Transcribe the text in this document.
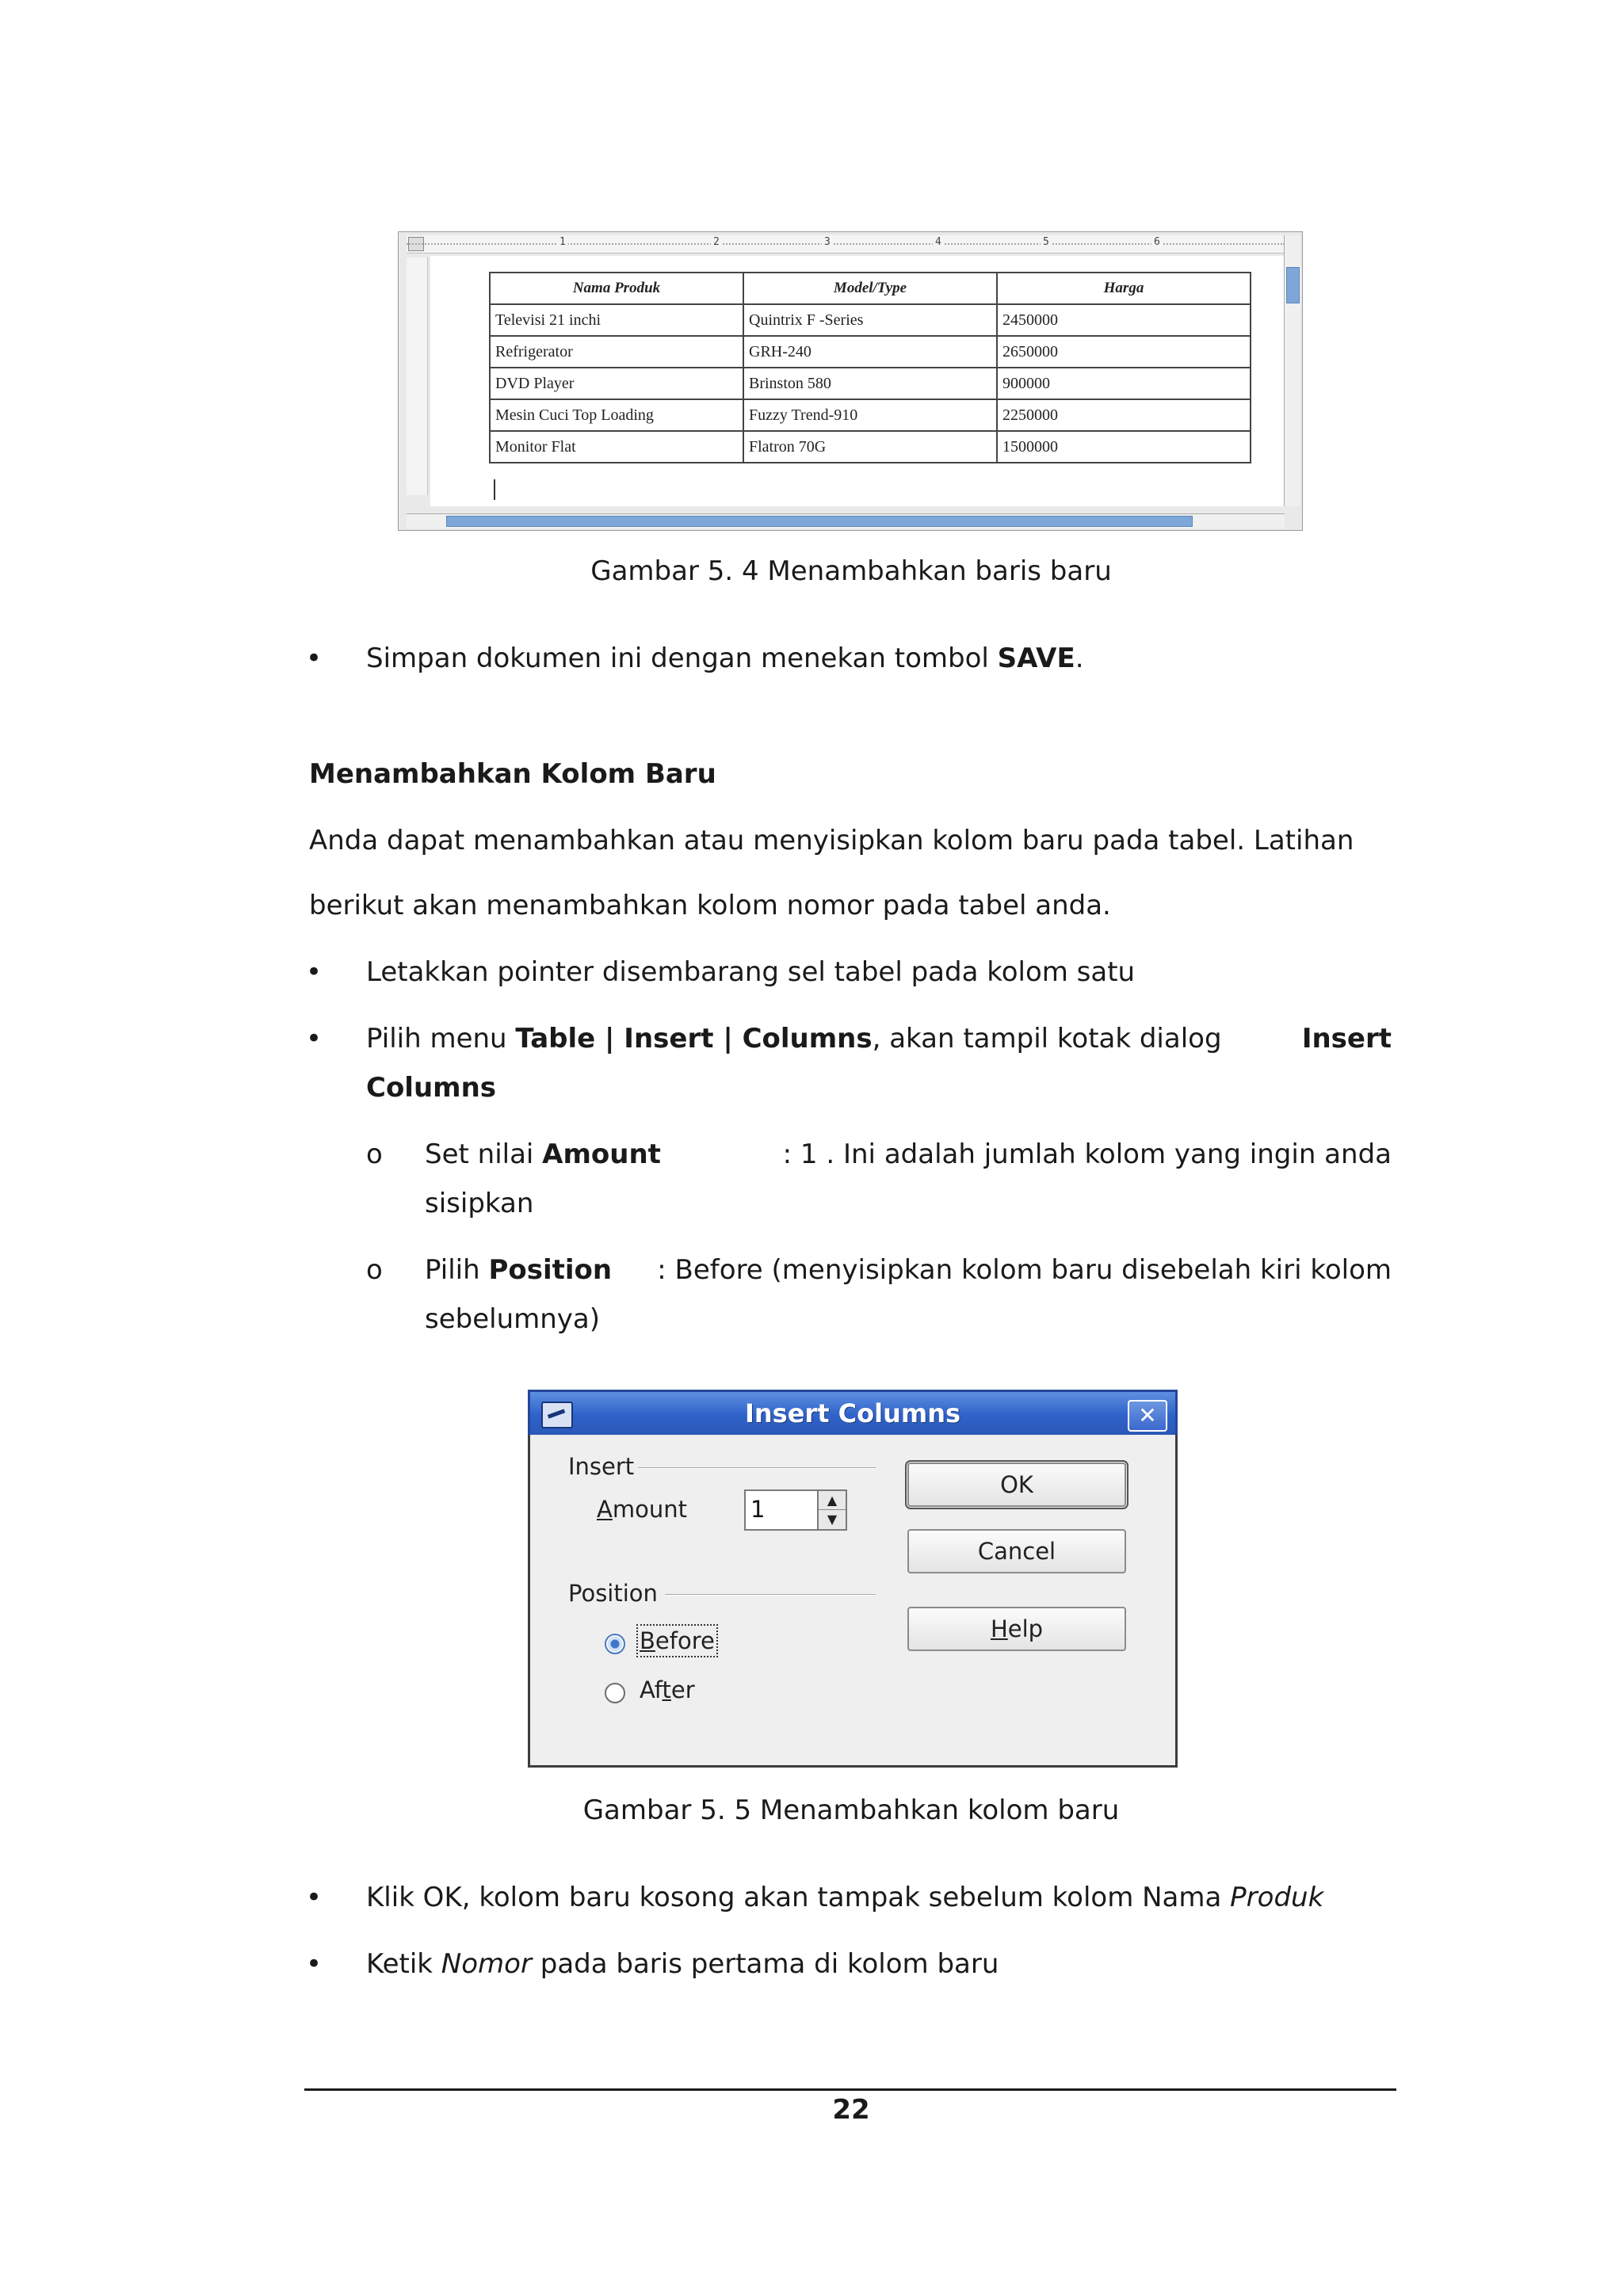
1	2	3	4	5	6
Nama Produk	Model/Type	Harga
Televisi 21 inchi	Quintrix F -Series	2450000
Refrigerator	GRH-240	2650000
DVD Player	Brinston 580	900000
Mesin Cuci Top Loading	Fuzzy Trend-910	2250000
Monitor Flat	Flatron 70G	1500000
Gambar 5. 4 Menambahkan baris baru
•
Simpan dokumen ini dengan menekan tombol SAVE.
Menambahkan Kolom Baru
Anda dapat menambahkan atau menyisipkan kolom baru pada tabel. Latihan
berikut akan menambahkan kolom nomor pada tabel anda.
•
Letakkan pointer disembarang sel tabel pada kolom satu
•
Pilih menu Table | Insert | Columns, akan tampil kotak dialog	Insert
Columns
o
Set nilai Amount	: 1 . Ini adalah jumlah kolom yang ingin anda
sisipkan
o
Pilih Position : Before (menyisipkan kolom baru disebelah kiri kolom
sebelumnya)
Insert Columns	✕
Insert
Amount	1	▲
▼
Position
Before
After
OK
Cancel
Help
Gambar 5. 5 Menambahkan kolom baru
•
Klik OK, kolom baru kosong akan tampak sebelum kolom Nama Produk
•
Ketik Nomor pada baris pertama di kolom baru
22
